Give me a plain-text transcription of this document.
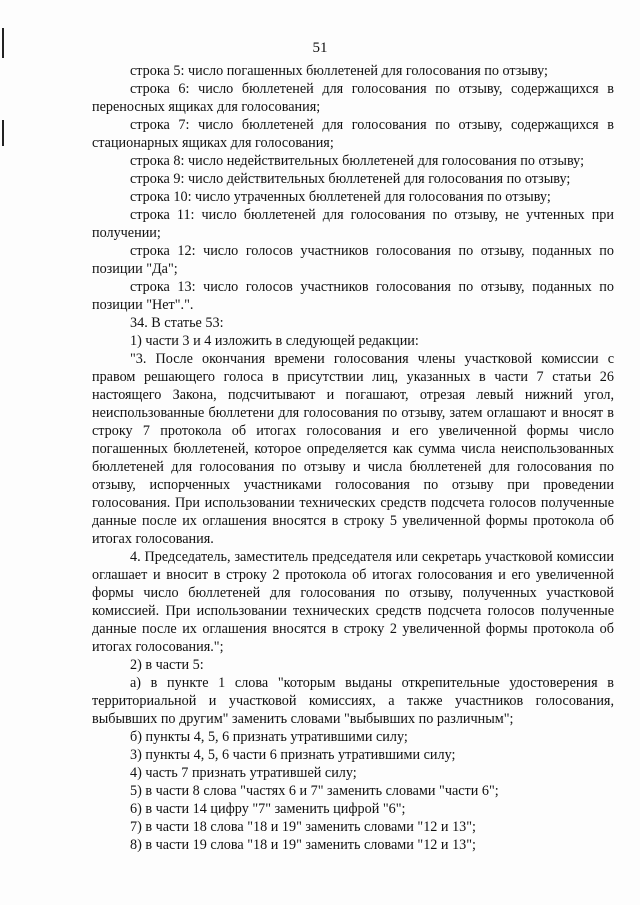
51

строка 5: число погашенных бюллетеней для голосования по отзыву;

строка 6: число бюллетеней для голосования по отзыву, содержащихся в переносных ящиках для голосования;

строка 7: число бюллетеней для голосования по отзыву, содержащихся в стационарных ящиках для голосования;

строка 8: число недействительных бюллетеней для голосования по отзыву;

строка 9: число действительных бюллетеней для голосования по отзыву;

строка 10: число утраченных бюллетеней для голосования по отзыву;

строка 11: число бюллетеней для голосования по отзыву, не учтенных при получении;

строка 12: число голосов участников голосования по отзыву, поданных по позиции "Да";

строка 13: число голосов участников голосования по отзыву, поданных по позиции "Нет".".

34. В статье 53:

1) части 3 и 4 изложить в следующей редакции:

"3. После окончания времени голосования члены участковой комиссии с правом решающего голоса в присутствии лиц, указанных в части 7 статьи 26 настоящего Закона, подсчитывают и погашают, отрезая левый нижний угол, неиспользованные бюллетени для голосования по отзыву, затем оглашают и вносят в строку 7 протокола об итогах голосования и его увеличенной формы число погашенных бюллетеней, которое определяется как сумма числа неиспользованных бюллетеней для голосования по отзыву и числа бюллетеней для голосования по отзыву, испорченных участниками голосования по отзыву при проведении голосования. При использовании технических средств подсчета голосов полученные данные после их оглашения вносятся в строку 5 увеличенной формы протокола об итогах голосования.

4. Председатель, заместитель председателя или секретарь участковой комиссии оглашает и вносит в строку 2 протокола об итогах голосования и его увеличенной формы число бюллетеней для голосования по отзыву, полученных участковой комиссией. При использовании технических средств подсчета голосов полученные данные после их оглашения вносятся в строку 2 увеличенной формы протокола об итогах голосования.";

2) в части 5:

а) в пункте 1 слова "которым выданы открепительные удостоверения в территориальной и участковой комиссиях, а также участников голосования, выбывших по другим" заменить словами "выбывших по различным";

б) пункты 4, 5, 6 признать утратившими силу;

3) пункты 4, 5, 6 части 6 признать утратившими силу;

4) часть 7 признать утратившей силу;

5) в части 8 слова "частях 6 и 7" заменить словами "части 6";

6) в части 14 цифру "7" заменить цифрой "6";

7) в части 18 слова "18 и 19" заменить словами "12 и 13";

8) в части 19 слова "18 и 19" заменить словами "12 и 13";
